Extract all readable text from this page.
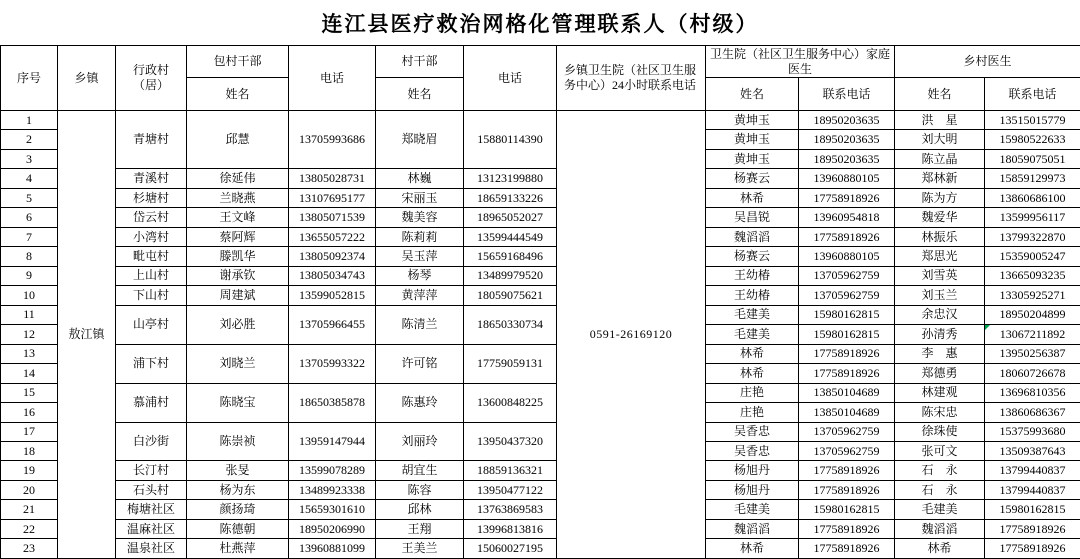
连江县医疗救治网格化管理联系人（村级）
序号	乡镇	行政村（居）	包村干部	电话	村干部	电话	乡镇卫生院（社区卫生服务中心）24小时联系电话	卫生院（社区卫生服务中心）家庭医生		乡村医生	
			姓名		姓名			姓名	联系电话	姓名	联系电话
1	敖江镇	青塘村	邱慧	13705993686	郑晓眉	15880114390	0591-26169120	黄坤玉	18950203635	洪　星	13515015779
2								黄坤玉	18950203635	刘大明	15980522633
3								黄坤玉	18950203635	陈立晶	18059075051
4		青溪村	徐延伟	13805028731	林巍	13123199880		杨赛云	13960880105	郑林新	15859129973
5		杉塘村	兰晓燕	13107695177	宋丽玉	18659133226		林希	17758918926	陈为方	13860686100
6		岱云村	王文峰	13805071539	魏美容	18965052027		吴昌锐	13960954818	魏爱华	13599956117
7		小湾村	蔡阿辉	13655057222	陈莉莉	13599444549		魏滔滔	17758918926	林振乐	13799322870
8		毗屯村	滕凯华	13805092374	吴玉萍	15659168496		杨赛云	13960880105	郑思光	15359005247
9		上山村	谢承钦	13805034743	杨琴	13489979520		王幼椿	13705962759	刘雪英	13665093235
10		下山村	周建斌	13599052815	黄萍萍	18059075621		王幼椿	13705962759	刘玉兰	13305925271
11		山亭村	刘必胜	13705966455	陈清兰	18650330734		毛建美	15980162815	余忠汉	18950204899
12								毛建美	15980162815	孙清秀	13067211892
13		浦下村	刘晓兰	13705993322	许可铭	17759059131		林希	17758918926	李　惠	13950256387
14								林希	17758918926	郑德勇	18060726678
15		慕浦村	陈晓宝	18650385878	陈惠玲	13600848225		庄艳	13850104689	林建观	13696810356
16								庄艳	13850104689	陈宋忠	13860686367
17		白沙街	陈崇祯	13959147944	刘丽玲	13950437320		吴香忠	13705962759	徐珠使	15375993680
18								吴香忠	13705962759	张可文	13509387643
19		长汀村	张旻	13599078289	胡宜生	18859136321		杨旭丹	17758918926	石　永	13799440837
20		石头村	杨为东	13489923338	陈容	13950477122		杨旭丹	17758918926	石　永	13799440837
21		梅塘社区	颜扬琦	15659301610	邱林	13763869583		毛建美	15980162815	毛建美	15980162815
22		温麻社区	陈德朝	18950206990	王翔	13996813816		魏滔滔	17758918926	魏滔滔	17758918926
23		温泉社区	杜燕萍	13960881099	王美兰	15060027195		林希	17758918926	林希	17758918926
